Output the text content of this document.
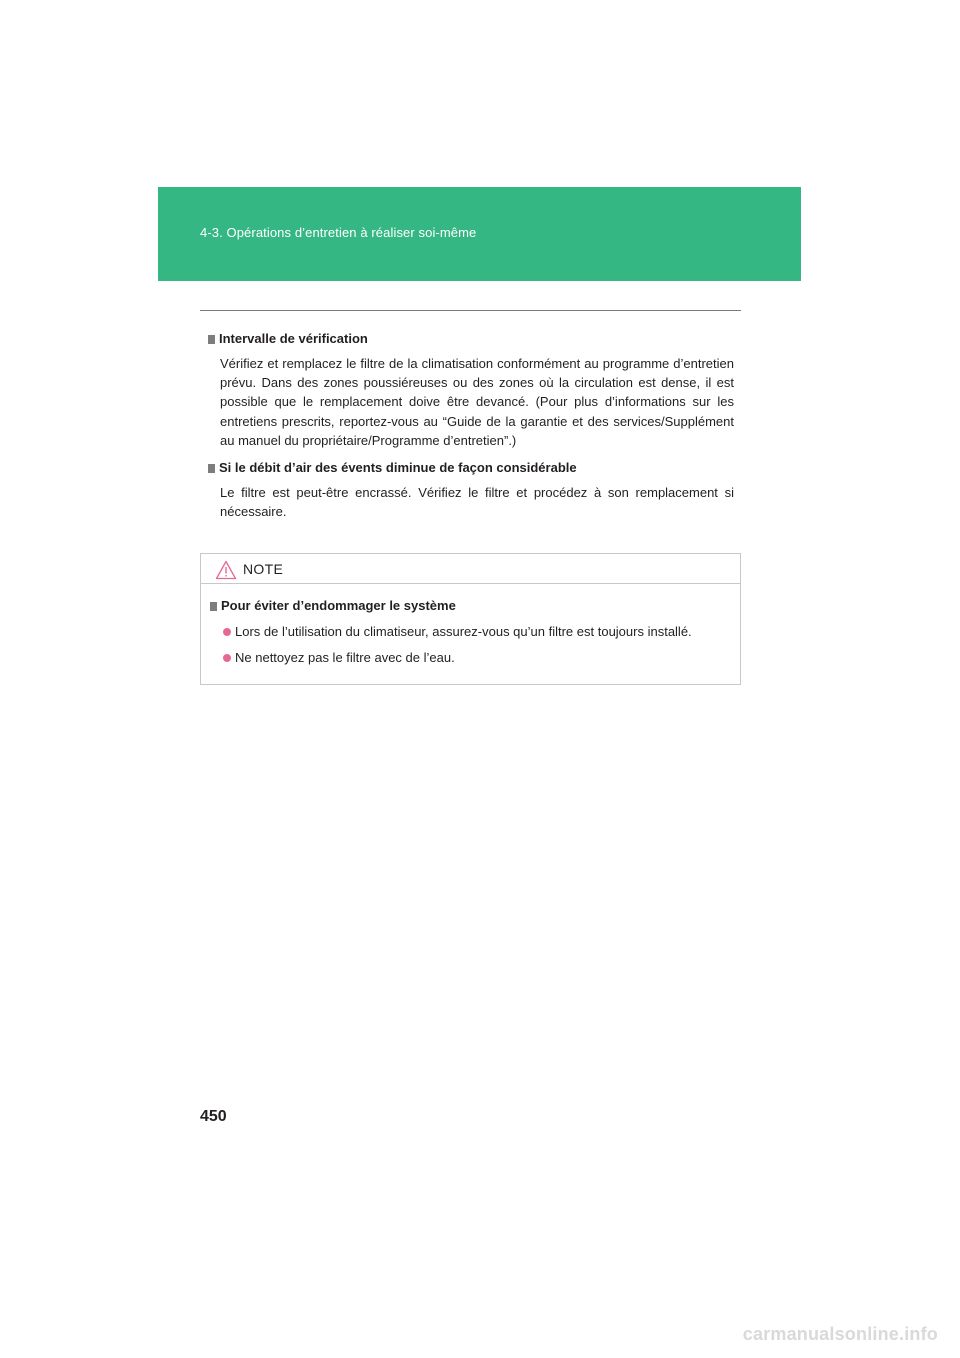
4-3. Opérations d’entretien à réaliser soi-même
Intervalle de vérification
Vérifiez et remplacez le filtre de la climatisation conformément au programme d’entretien prévu. Dans des zones poussiéreuses ou des zones où la circulation est dense, il est possible que le remplacement doive être devancé. (Pour plus d’informations sur les entretiens prescrits, reportez-vous au “Guide de la garantie et des services/Supplément au manuel du propriétaire/Programme d’entretien”.)
Si le débit d’air des évents diminue de façon considérable
Le filtre est peut-être encrassé. Vérifiez le filtre et procédez à son remplacement si nécessaire.
NOTE
Pour éviter d’endommager le système
Lors de l’utilisation du climatiseur, assurez-vous qu’un filtre est toujours installé.
Ne nettoyez pas le filtre avec de l’eau.
450
carmanualsonline.info
